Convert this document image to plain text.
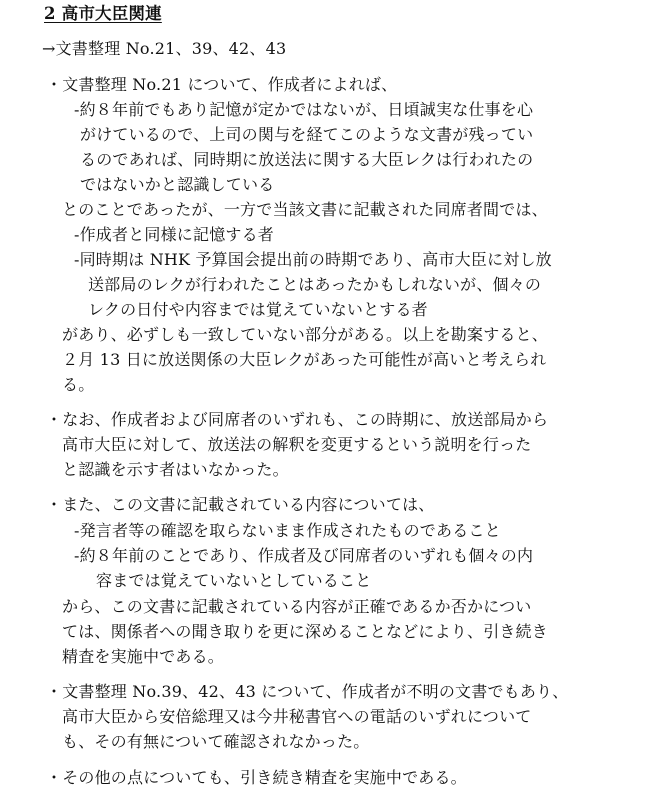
2 高市大臣関連
→文書整理 No.21、39、42、43
・文書整理 No.21 について、作成者によれば、
-約８年前でもあり記憶が定かではないが、日頃誠実な仕事を心
がけているので、上司の関与を経てこのような文書が残ってい
るのであれば、同時期に放送法に関する大臣レクは行われたの
ではないかと認識している
とのことであったが、一方で当該文書に記載された同席者間では、
-作成者と同様に記憶する者
-同時期は NHK 予算国会提出前の時期であり、高市大臣に対し放
送部局のレクが行われたことはあったかもしれないが、個々の
レクの日付や内容までは覚えていないとする者
があり、必ずしも一致していない部分がある。以上を勘案すると、
２月 13 日に放送関係の大臣レクがあった可能性が高いと考えられ
る。
・なお、作成者および同席者のいずれも、この時期に、放送部局から
高市大臣に対して、放送法の解釈を変更するという説明を行った
と認識を示す者はいなかった。
・また、この文書に記載されている内容については、
-発言者等の確認を取らないまま作成されたものであること
-約８年前のことであり、作成者及び同席者のいずれも個々の内
容までは覚えていないとしていること
から、この文書に記載されている内容が正確であるか否かについ
ては、関係者への聞き取りを更に深めることなどにより、引き続き
精査を実施中である。
・文書整理 No.39、42、43 について、作成者が不明の文書でもあり、
高市大臣から安倍総理又は今井秘書官への電話のいずれについて
も、その有無について確認されなかった。
・その他の点についても、引き続き精査を実施中である。
